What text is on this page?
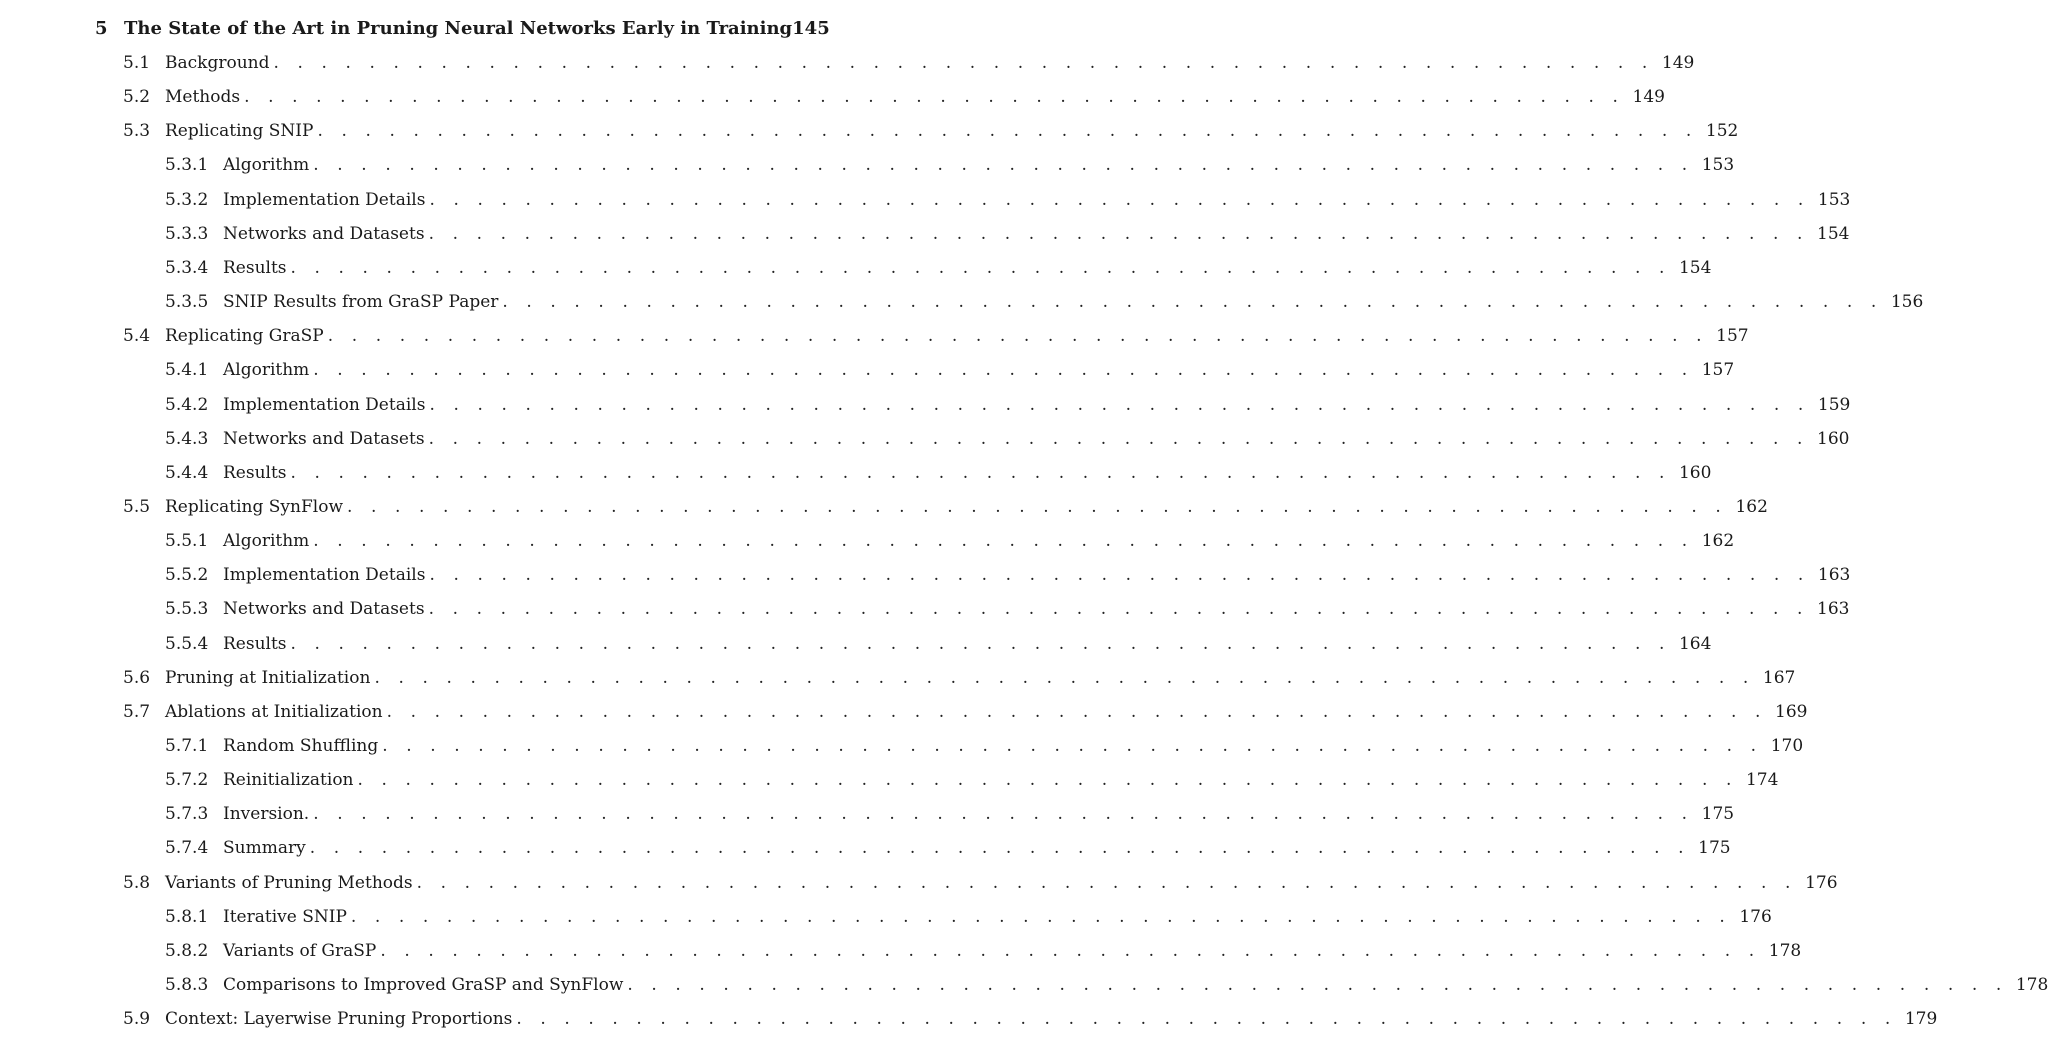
5 The State of the Art in Pruning Neural Networks Early in Training 145
5.1 Background . . . . . . . . . . . . . . . . . . . . . . . . . . . . . . . . . . . . . . . . . . . . . . . . . . . . . . . . . . 149
5.2 Methods . . . . . . . . . . . . . . . . . . . . . . . . . . . . . . . . . . . . . . . . . . . . . . . . . . . . . . . . . . 149
5.3 Replicating SNIP . . . . . . . . . . . . . . . . . . . . . . . . . . . . . . . . . . . . . . . . . . . . . . . . . . . . . . . . . . 152
5.3.1 Algorithm . . . . . . . . . . . . . . . . . . . . . . . . . . . . . . . . . . . . . . . . . . . . . . . . . . . . . . . . . . 153
5.3.2 Implementation Details . . . . . . . . . . . . . . . . . . . . . . . . . . . . . . . . . . . . . . . . . . . . . . . . . . . . . . . . . . 153
5.3.3 Networks and Datasets . . . . . . . . . . . . . . . . . . . . . . . . . . . . . . . . . . . . . . . . . . . . . . . . . . . . . . . . . . 154
5.3.4 Results . . . . . . . . . . . . . . . . . . . . . . . . . . . . . . . . . . . . . . . . . . . . . . . . . . . . . . . . . . 154
5.3.5 SNIP Results from GraSP Paper . . . . . . . . . . . . . . . . . . . . . . . . . . . . . . . . . . . . . . . . . . . . . . . . . . . . . . . . . . 156
5.4 Replicating GraSP . . . . . . . . . . . . . . . . . . . . . . . . . . . . . . . . . . . . . . . . . . . . . . . . . . . . . . . . . . 157
5.4.1 Algorithm . . . . . . . . . . . . . . . . . . . . . . . . . . . . . . . . . . . . . . . . . . . . . . . . . . . . . . . . . . 157
5.4.2 Implementation Details . . . . . . . . . . . . . . . . . . . . . . . . . . . . . . . . . . . . . . . . . . . . . . . . . . . . . . . . . . 159
5.4.3 Networks and Datasets . . . . . . . . . . . . . . . . . . . . . . . . . . . . . . . . . . . . . . . . . . . . . . . . . . . . . . . . . . 160
5.4.4 Results . . . . . . . . . . . . . . . . . . . . . . . . . . . . . . . . . . . . . . . . . . . . . . . . . . . . . . . . . . 160
5.5 Replicating SynFlow . . . . . . . . . . . . . . . . . . . . . . . . . . . . . . . . . . . . . . . . . . . . . . . . . . . . . . . . . . 162
5.5.1 Algorithm . . . . . . . . . . . . . . . . . . . . . . . . . . . . . . . . . . . . . . . . . . . . . . . . . . . . . . . . . . 162
5.5.2 Implementation Details . . . . . . . . . . . . . . . . . . . . . . . . . . . . . . . . . . . . . . . . . . . . . . . . . . . . . . . . . . 163
5.5.3 Networks and Datasets . . . . . . . . . . . . . . . . . . . . . . . . . . . . . . . . . . . . . . . . . . . . . . . . . . . . . . . . . . 163
5.5.4 Results . . . . . . . . . . . . . . . . . . . . . . . . . . . . . . . . . . . . . . . . . . . . . . . . . . . . . . . . . . 164
5.6 Pruning at Initialization . . . . . . . . . . . . . . . . . . . . . . . . . . . . . . . . . . . . . . . . . . . . . . . . . . . . . . . . . . 167
5.7 Ablations at Initialization . . . . . . . . . . . . . . . . . . . . . . . . . . . . . . . . . . . . . . . . . . . . . . . . . . . . . . . . . . 169
5.7.1 Random Shuffling . . . . . . . . . . . . . . . . . . . . . . . . . . . . . . . . . . . . . . . . . . . . . . . . . . . . . . . . . . 170
5.7.2 Reinitialization . . . . . . . . . . . . . . . . . . . . . . . . . . . . . . . . . . . . . . . . . . . . . . . . . . . . . . . . . . 174
5.7.3 Inversion. . . . . . . . . . . . . . . . . . . . . . . . . . . . . . . . . . . . . . . . . . . . . . . . . . . . . . . . . . . 175
5.7.4 Summary . . . . . . . . . . . . . . . . . . . . . . . . . . . . . . . . . . . . . . . . . . . . . . . . . . . . . . . . . . 175
5.8 Variants of Pruning Methods . . . . . . . . . . . . . . . . . . . . . . . . . . . . . . . . . . . . . . . . . . . . . . . . . . . . . . . . . . 176
5.8.1 Iterative SNIP . . . . . . . . . . . . . . . . . . . . . . . . . . . . . . . . . . . . . . . . . . . . . . . . . . . . . . . . . . 176
5.8.2 Variants of GraSP . . . . . . . . . . . . . . . . . . . . . . . . . . . . . . . . . . . . . . . . . . . . . . . . . . . . . . . . . . 178
5.8.3 Comparisons to Improved GraSP and SynFlow . . . . . . . . . . . . . . . . . . . . . . . . . . . . . . . . . . . . . . . . . . . . . . . . . . . . . . . . . . 178
5.9 Context: Layerwise Pruning Proportions . . . . . . . . . . . . . . . . . . . . . . . . . . . . . . . . . . . . . . . . . . . . . . . . . . . . . . . . . . 179
